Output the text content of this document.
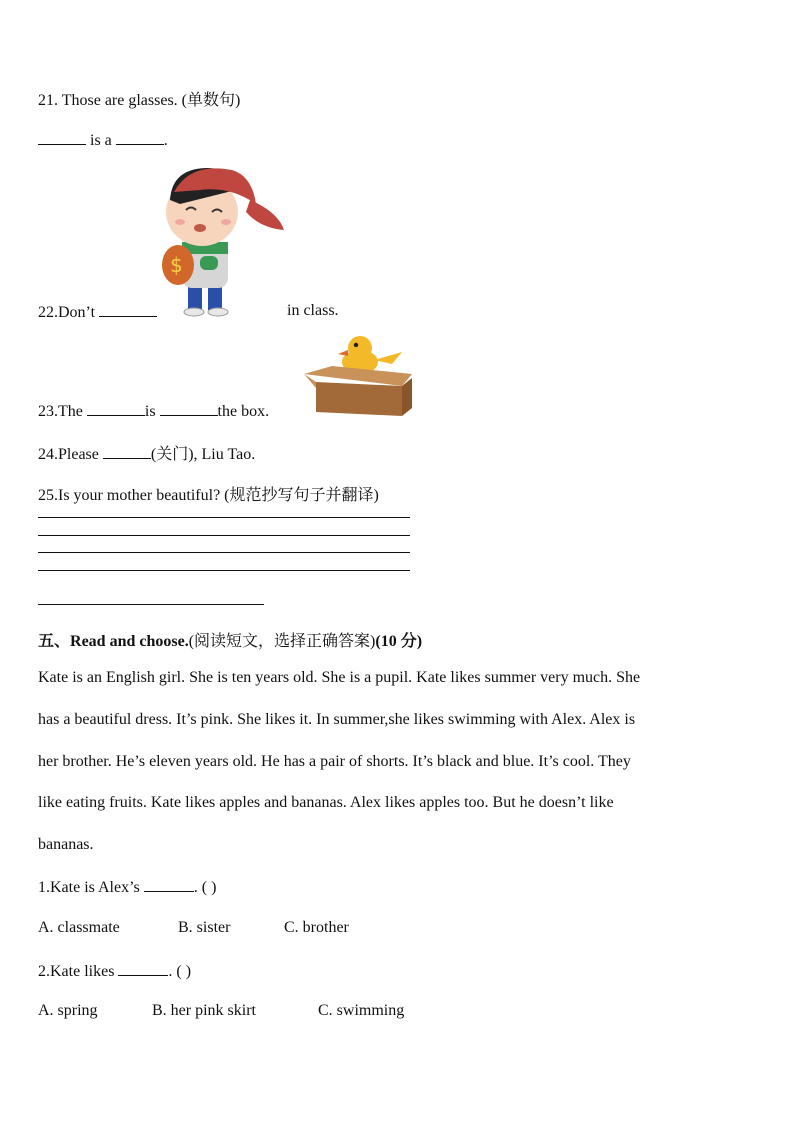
21. Those are glasses. (单数句)
is a	.
$
22.Don’t	in class.
23.The	is	the box.
24.Please	(关门), Liu Tao.
25.Is your mother beautiful? (规范抄写句子并翻译)
五、Read and choose.(阅读短文，选择正确答案)(10 分)
Kate is an English girl. She is ten years old. She is a pupil. Kate likes summer very much. She
has a beautiful dress. It’s pink. She likes it. In summer,she likes swimming with Alex. Alex is
her brother. He’s eleven years old. He has a pair of shorts. It’s black and blue. It’s cool. They
like eating fruits. Kate likes apples and bananas. Alex likes apples too. But he doesn’t like
bananas.
1.Kate is Alex’s	. ( )
A. classmate	B. sister	C. brother
2.Kate likes	. ( )
A. spring	B. her pink skirt	C. swimming
